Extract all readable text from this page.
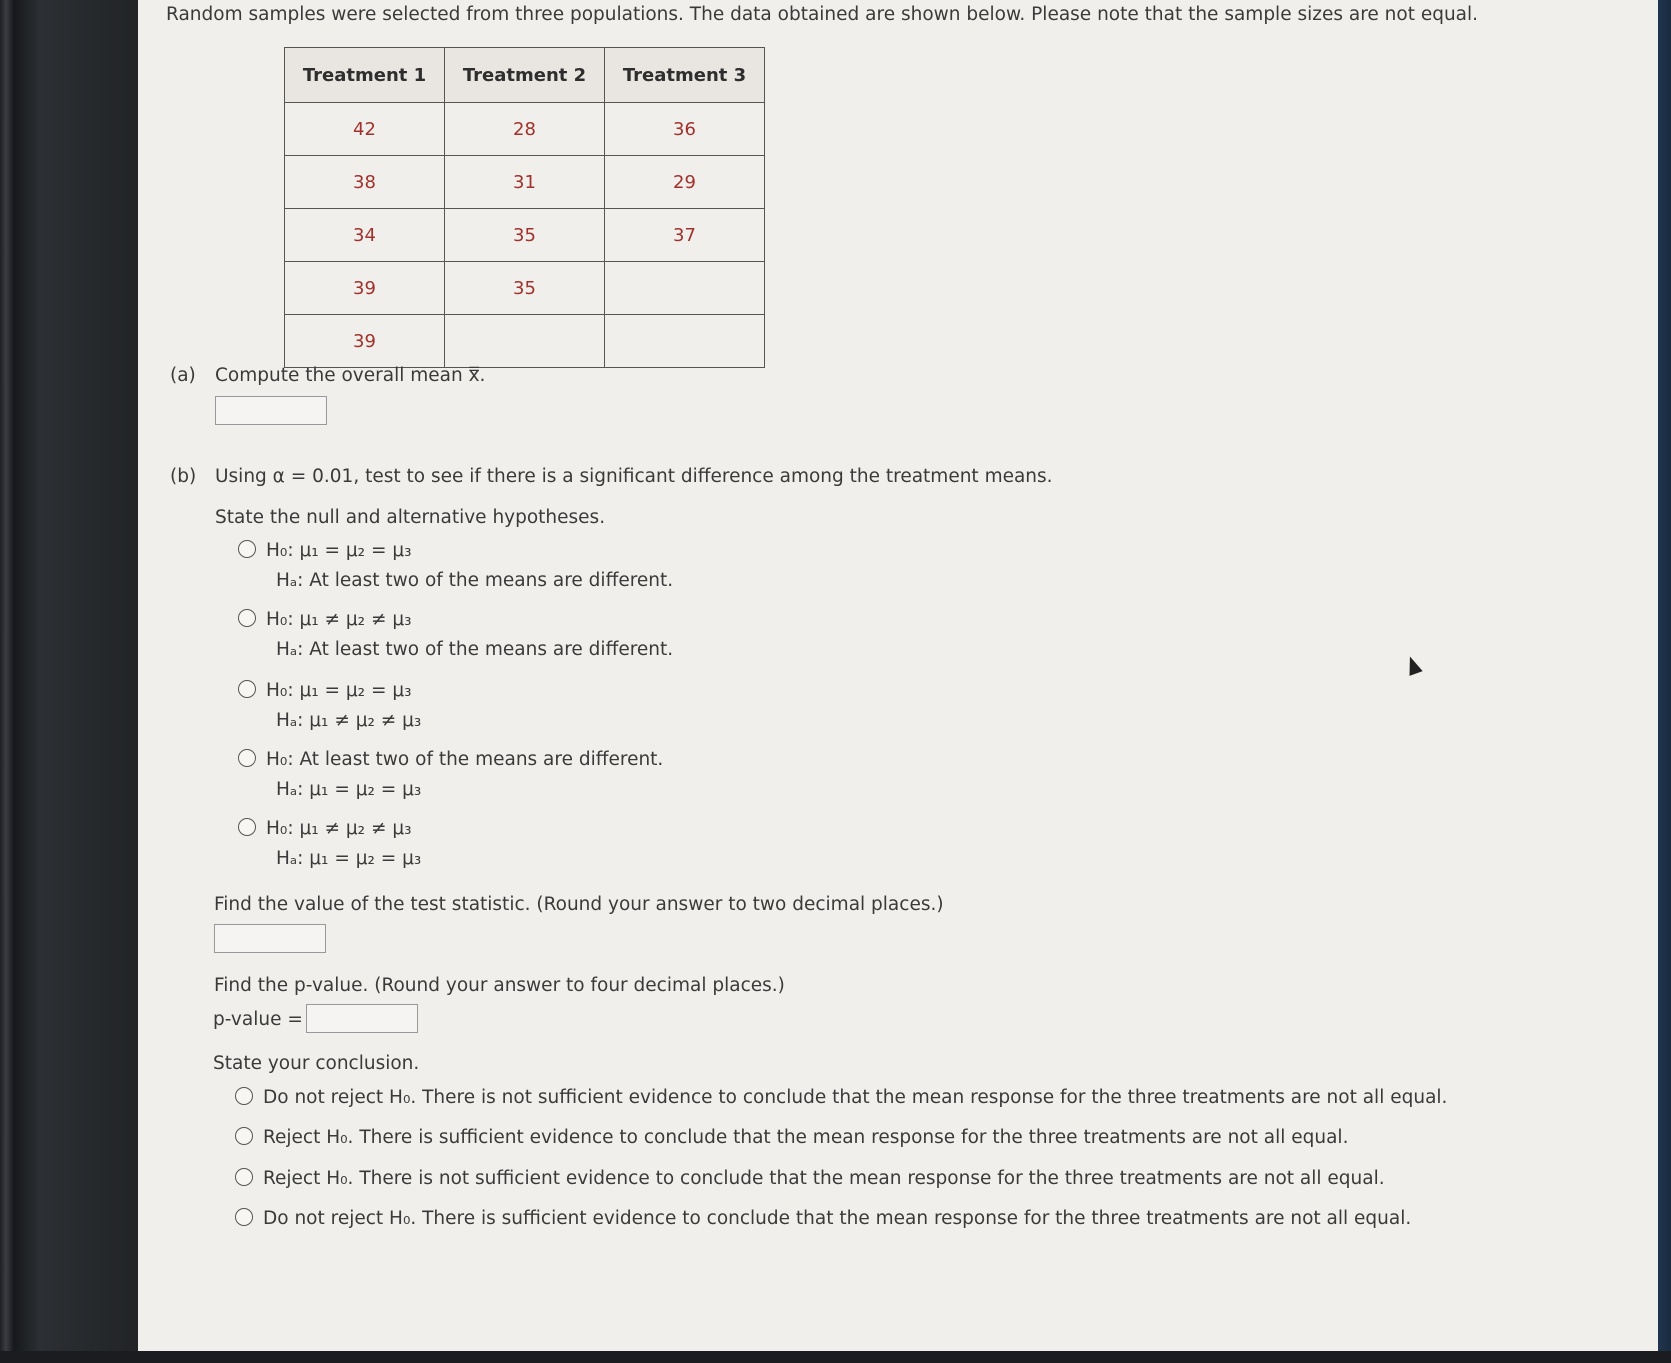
Random samples were selected from three populations. The data obtained are shown below. Please note that the sample sizes are not equal.
Treatment 1	Treatment 2	Treatment 3
42	28	36
38	31	29
34	35	37
39	35	
39		
(a) Compute the overall mean x̿.
(b) Using α = 0.01, test to see if there is a significant difference among the treatment means.
State the null and alternative hypotheses.
H₀: μ₁ = μ₂ = μ₃
Hₐ: At least two of the means are different.
H₀: μ₁ ≠ μ₂ ≠ μ₃
Hₐ: At least two of the means are different.
H₀: μ₁ = μ₂ = μ₃
Hₐ: μ₁ ≠ μ₂ ≠ μ₃
H₀: At least two of the means are different.
Hₐ: μ₁ = μ₂ = μ₃
H₀: μ₁ ≠ μ₂ ≠ μ₃
Hₐ: μ₁ = μ₂ = μ₃
Find the value of the test statistic. (Round your answer to two decimal places.)
Find the p-value. (Round your answer to four decimal places.)
p-value =
State your conclusion.
Do not reject H₀. There is not sufficient evidence to conclude that the mean response for the three treatments are not all equal.
Reject H₀. There is sufficient evidence to conclude that the mean response for the three treatments are not all equal.
Reject H₀. There is not sufficient evidence to conclude that the mean response for the three treatments are not all equal.
Do not reject H₀. There is sufficient evidence to conclude that the mean response for the three treatments are not all equal.
